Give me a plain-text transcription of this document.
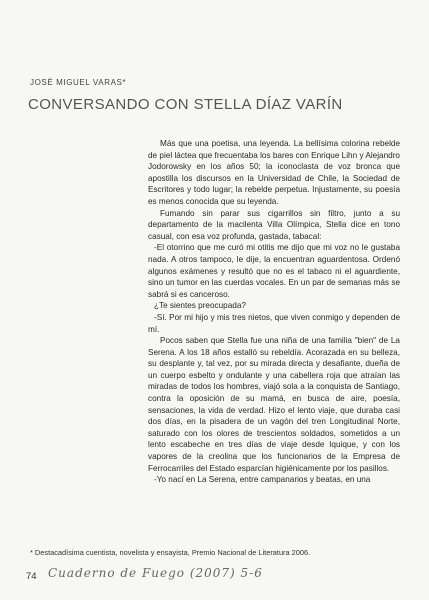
JOSÉ MIGUEL VARAS*
CONVERSANDO CON STELLA DÍAZ VARÍN

Más que una poetisa, una leyenda. La bellísima colorina rebelde de piel láctea que frecuentaba los bares con Enrique Lihn y Alejandro Jodorowsky en los años 50; la iconoclasta de voz bronca que apostilla los discursos en la Universidad de Chile, la Sociedad de Escritores y todo lugar; la rebelde perpetua. Injustamente, su poesía es menos conocida que su leyenda.

Fumando sin parar sus cigarrillos sin filtro, junto a su departamento de la macilenta Villa Olímpica, Stella dice en tono casual, con esa voz profunda, gastada, tabacal:

-El otorrino que me curó mi otitis me dijo que mi voz no le gustaba nada. A otros tampoco, le dije, la encuentran aguardentosa. Ordenó algunos exámenes y resultó que no es el tabaco ni el aguardiente, sino un tumor en las cuerdas vocales. En un par de semanas más se sabrá si es canceroso.

¿Te sientes preocupada?

-Sí. Por mi hijo y mis tres nietos, que viven conmigo y dependen de mí.

Pocos saben que Stella fue una niña de una familia "bien" de La Serena. A los 18 años estalló su rebeldía. Acorazada en su belleza, su desplante y, tal vez, por su mirada directa y desafiante, dueña de un cuerpo esbelto y ondulante y una cabellera roja que atraían las miradas de todos los hombres, viajó sola a la conquista de Santiago, contra la oposición de su mamá, en busca de aire, poesía, sensaciones, la vida de verdad. Hizo el lento viaje, que duraba casi dos días, en la pisadera de un vagón del tren Longitudinal Norte, saturado con los olores de trescientos soldados, sometidos a un lento escabeche en tres días de viaje desde Iquique, y con los vapores de la creolina que los funcionarios de la Empresa de Ferrocarriles del Estado esparcían higiénicamente por los pasillos.

-Yo nací en La Serena, entre campanarios y beatas, en una

* Destacadísima cuentista, novelista y ensayista, Premio Nacional de Literatura 2006.
74 Cuaderno de Fuego (2007) 5-6
